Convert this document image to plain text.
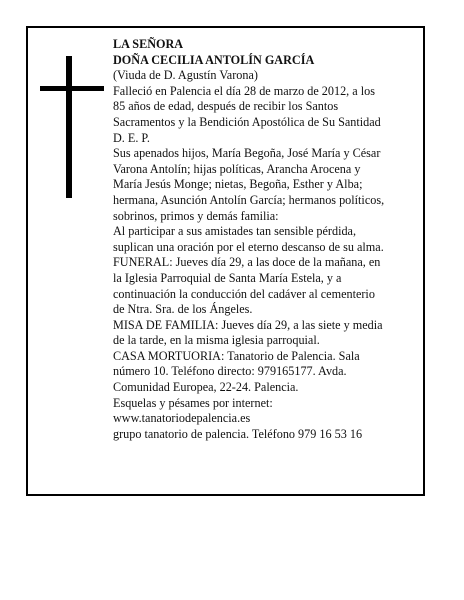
LA SEÑORA
DOÑA CECILIA ANTOLÍN GARCÍA
(Viuda de D. Agustín Varona)
Falleció en Palencia el día 28 de marzo de 2012, a los
85 años de edad, después de recibir los Santos
Sacramentos y la Bendición Apostólica de Su Santidad
D. E. P.
Sus apenados hijos, María Begoña, José María y César
Varona Antolín; hijas políticas, Arancha Arocena y
María Jesús Monge; nietas, Begoña, Esther y Alba;
hermana, Asunción Antolín García; hermanos políticos,
sobrinos, primos y demás familia:
Al participar a sus amistades tan sensible pérdida,
suplican una oración por el eterno descanso de su alma.
FUNERAL: Jueves día 29, a las doce de la mañana, en
la Iglesia Parroquial de Santa María Estela, y a
continuación la conducción del cadáver al cementerio
de Ntra. Sra. de los Ángeles.
MISA DE FAMILIA: Jueves día 29, a las siete y media
de la tarde, en la misma iglesia parroquial.
CASA MORTUORIA: Tanatorio de Palencia. Sala
número 10. Teléfono directo: 979165177. Avda.
Comunidad Europea, 22-24. Palencia.
Esquelas y pésames por internet:
www.tanatoriodepalencia.es
grupo tanatorio de palencia. Teléfono 979 16 53 16
